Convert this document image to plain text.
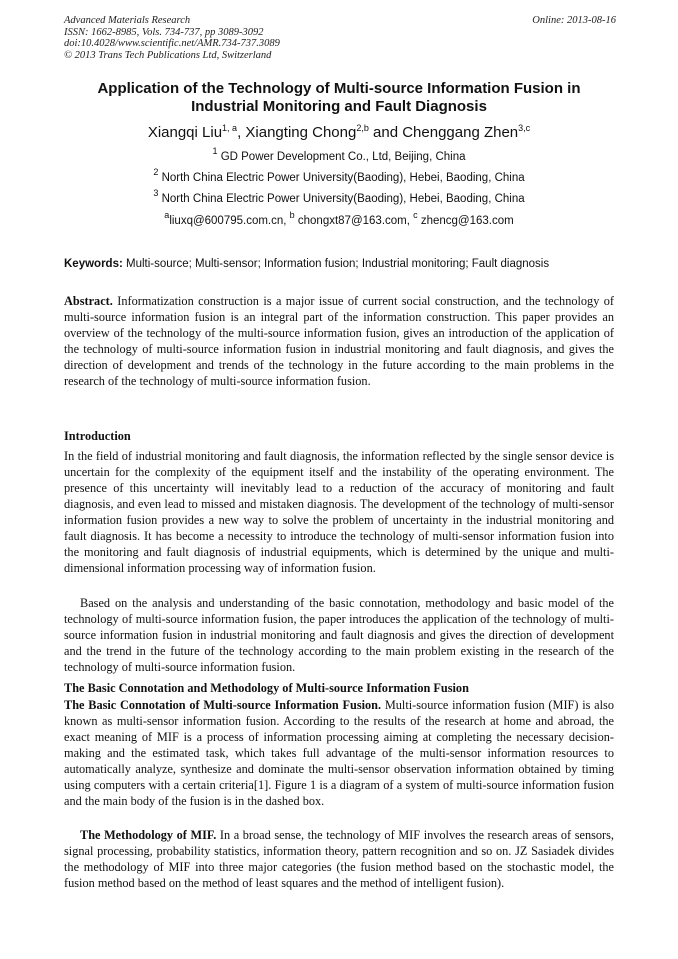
Advanced Materials Research
ISSN: 1662-8985, Vols. 734-737, pp 3089-3092
doi:10.4028/www.scientific.net/AMR.734-737.3089
© 2013 Trans Tech Publications Ltd, Switzerland
Online: 2013-08-16
Application of the Technology of Multi-source Information Fusion in
Industrial Monitoring and Fault Diagnosis
Xiangqi Liu$^{1, a}$, Xiangting Chong$^{2,b}$ and Chenggang Zhen$^{3,c}$
$^1$ GD Power Development Co., Ltd, Beijing, China
$^2$ North China Electric Power University(Baoding), Hebei, Baoding, China
$^3$ North China Electric Power University(Baoding), Hebei, Baoding, China
$^a$liuxq@600795.com.cn, $^b$ chongxt87@163.com, $^c$ zhencg@163.com
Keywords: Multi-source; Multi-sensor; Information fusion; Industrial monitoring; Fault diagnosis
Abstract. Informatization construction is a major issue of current social construction, and the technology of multi-source information fusion is an integral part of the information construction. This paper provides an overview of the technology of the multi-source information fusion, gives an introduction of the application of the technology of multi-source information fusion in industrial monitoring and fault diagnosis, and gives the direction of development and trends of the technology in the future according to the main problems in the research of the technology of multi-source information fusion.
Introduction
In the field of industrial monitoring and fault diagnosis, the information reflected by the single sensor device is uncertain for the complexity of the equipment itself and the instability of the operating environment. The presence of this uncertainty will inevitably lead to a reduction of the accuracy of monitoring and fault diagnosis, and even lead to missed and mistaken diagnosis. The development of the technology of multi-sensor information fusion provides a new way to solve the problem of uncertainty in the industrial monitoring and fault diagnosis. It has become a necessity to introduce the technology of multi-sensor information fusion into the monitoring and fault diagnosis of industrial equipments, which is determined by the unique and multi-dimensional information processing way of information fusion.
Based on the analysis and understanding of the basic connotation, methodology and basic model of the technology of multi-source information fusion, the paper introduces the application of the technology of multi-source information fusion in industrial monitoring and fault diagnosis and gives the direction of development and the trend in the future of the technology according to the main problem existing in the research of the technology of multi-source information fusion.
The Basic Connotation and Methodology of Multi-source Information Fusion
The Basic Connotation of Multi-source Information Fusion. Multi-source information fusion (MIF) is also known as multi-sensor information fusion. According to the results of the research at home and abroad, the exact meaning of MIF is a process of information processing aiming at completing the necessary decision-making and the estimated task, which takes full advantage of the multi-sensor information resources to automatically analyze, synthesize and dominate the multi-sensor observation information obtained by timing using computers with a certain criteria[1]. Figure 1 is a diagram of a system of multi-source information fusion and the main body of the fusion is in the dashed box.
The Methodology of MIF. In a broad sense, the technology of MIF involves the research areas of sensors, signal processing, probability statistics, information theory, pattern recognition and so on. JZ Sasiadek divides the methodology of MIF into three major categories (the fusion method based on the stochastic model, the fusion method based on the method of least squares and the method of intelligent fusion).
